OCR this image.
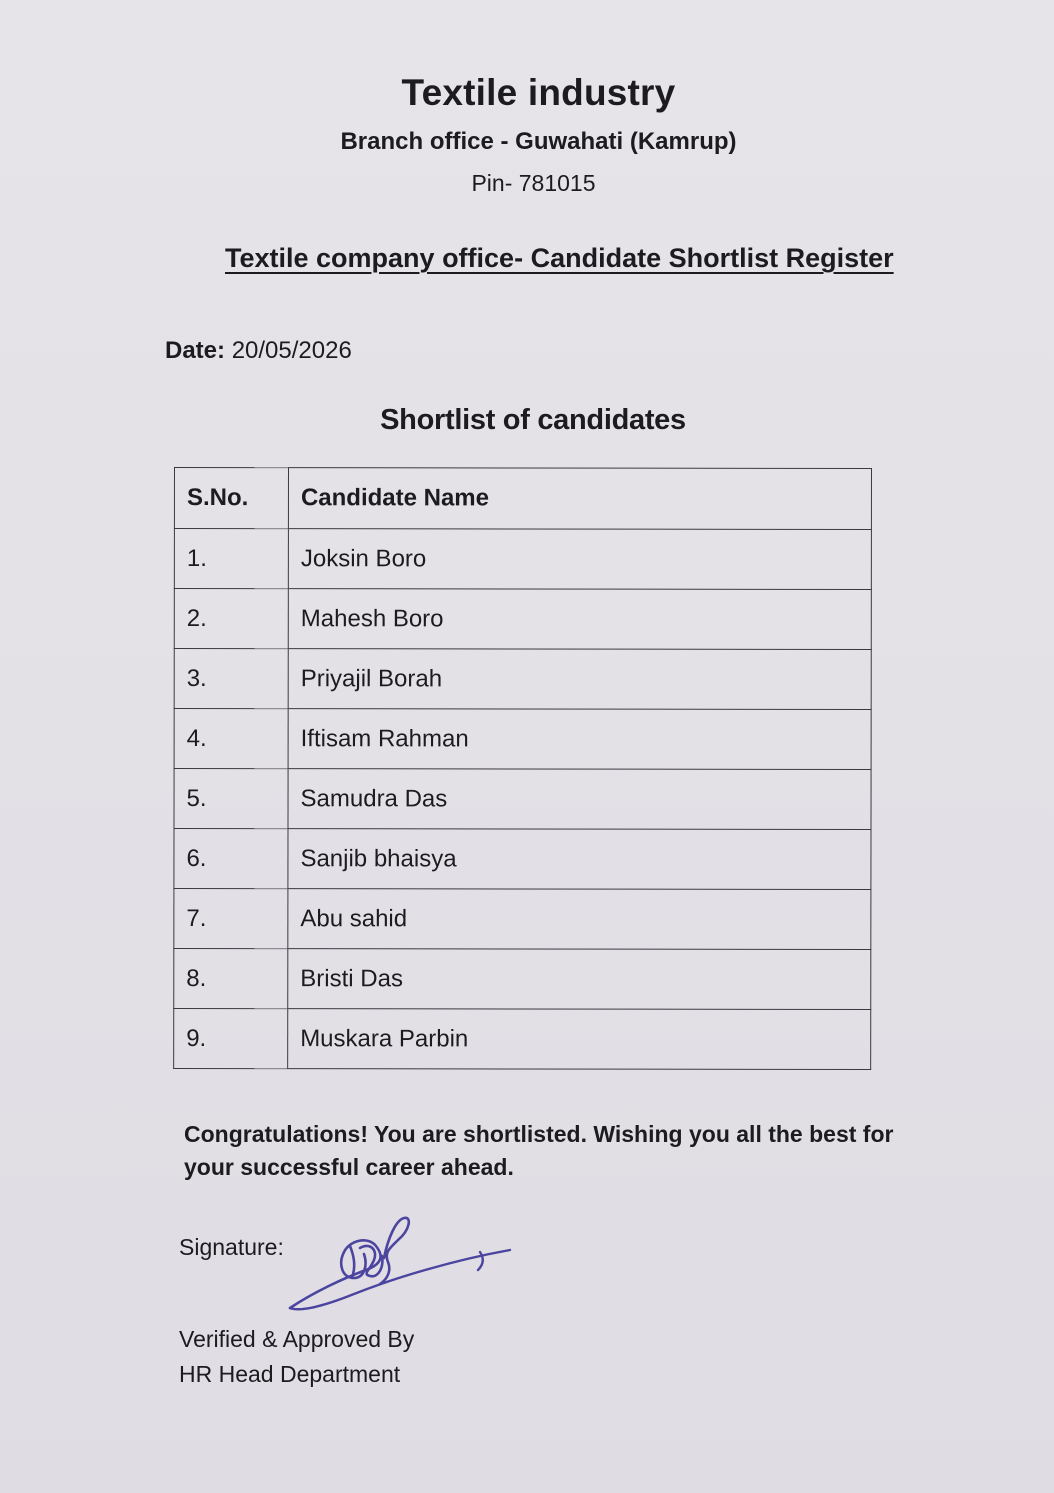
Textile industry
Branch office - Guwahati (Kamrup)
Pin- 781015
Textile company office- Candidate Shortlist Register
Date: 20/05/2026
Shortlist of candidates
S.No.	Candidate Name
1.	Joksin Boro
2.	Mahesh Boro
3.	Priyajil Borah
4.	Iftisam Rahman
5.	Samudra Das
6.	Sanjib bhaisya
7.	Abu sahid
8.	Bristi Das
9.	Muskara Parbin
Congratulations! You are shortlisted. Wishing you all the best for your successful career ahead.
Signature:
Verified & Approved By
HR Head Department
